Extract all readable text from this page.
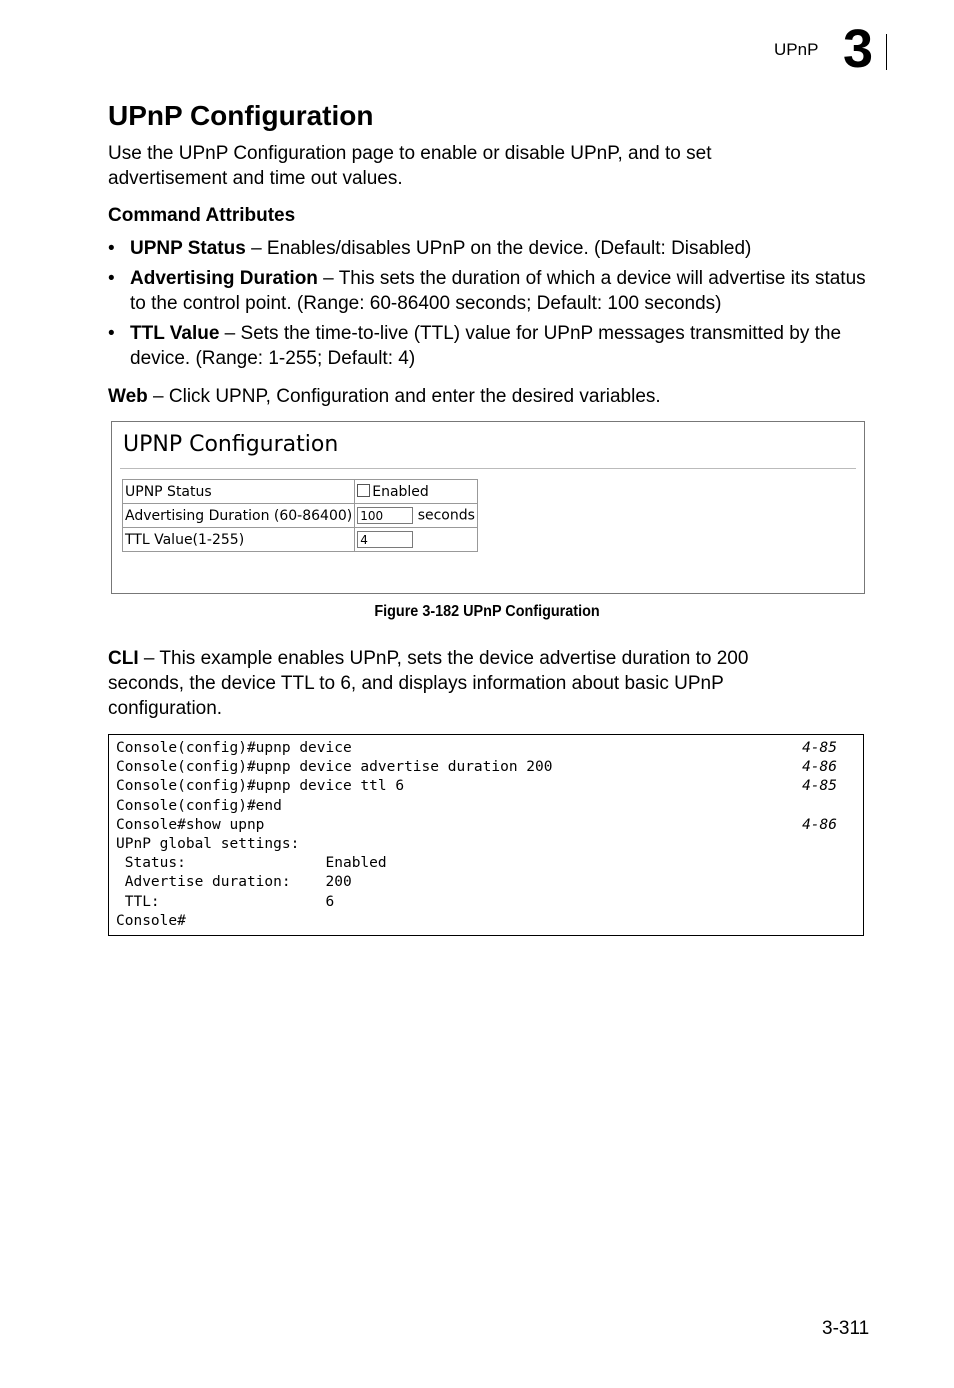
UPnP 3
UPnP Configuration

Use the UPnP Configuration page to enable or disable UPnP, and to set advertisement and time out values.

Command Attributes
• UPNP Status – Enables/disables UPnP on the device. (Default: Disabled)
• Advertising Duration – This sets the duration of which a device will advertise its status to the control point. (Range: 60-86400 seconds; Default: 100 seconds)
• TTL Value – Sets the time-to-live (TTL) value for UPnP messages transmitted by the device. (Range: 1-255; Default: 4)

Web – Click UPNP, Configuration and enter the desired variables.

UPNP Configuration
UPNP Status	Enabled
Advertising Duration (60-86400)	100 seconds
TTL Value(1-255)	4
Figure 3-182 UPnP Configuration

CLI – This example enables UPnP, sets the device advertise duration to 200 seconds, the device TTL to 6, and displays information about basic UPnP configuration.

Console(config)#upnp device	4-85
Console(config)#upnp device advertise duration 200	4-86
Console(config)#upnp device ttl 6	4-85
Console(config)#end
Console#show upnp	4-86
UPnP global settings:
Status:                Enabled
Advertise duration:    200
TTL:                   6
Console#
3-311
